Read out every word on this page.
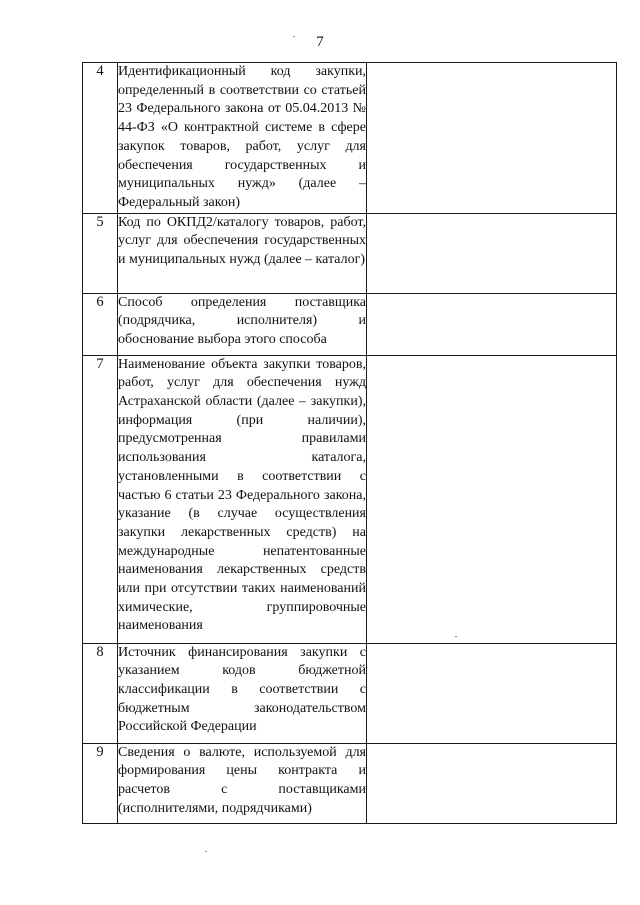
7
4	Идентификационный код закупки, определенный в соответствии со статьей 23 Федерального закона от 05.04.2013 № 44-ФЗ «О контрактной системе в сфере закупок товаров, работ, услуг для обеспечения государственных и муниципальных нужд» (далее – Федеральный закон)	
5	Код по ОКПД2/каталогу товаров, работ, услуг для обеспечения государственных и муниципальных нужд (далее – каталог)	
6	Способ определения поставщика (подрядчика, исполнителя) и обоснование выбора этого способа	
7	Наименование объекта закупки товаров, работ, услуг для обеспечения нужд Астраханской области (далее – закупки), информация (при наличии), предусмотренная правилами использования каталога, установленными в соответствии с частью 6 статьи 23 Федерального закона, указание (в случае осуществления закупки лекарственных средств) на международные непатентованные наименования лекарственных средств или при отсутствии таких наименований химические, группировочные наименования	
8	Источник финансирования закупки с указанием кодов бюджетной классификации в соответствии с бюджетным законодательством Российской Федерации	
9	Сведения о валюте, используемой для формирования цены контракта и расчетов с поставщиками (исполнителями, подрядчиками)	
